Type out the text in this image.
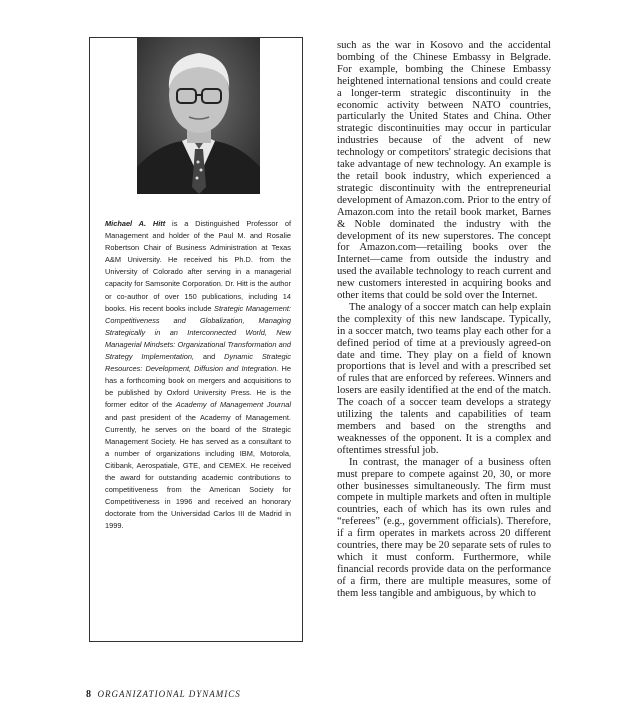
Michael A. Hitt is a Distinguished Professor of Management and holder of the Paul M. and Rosalie Robertson Chair of Business Administration at Texas A&M University. He received his Ph.D. from the University of Colorado after serving in a managerial capacity for Samsonite Corporation. Dr. Hitt is the author or co-author of over 150 publications, including 14 books. His recent books include Strategic Management: Competitiveness and Globalization, Managing Strategically in an Interconnected World, New Managerial Mindsets: Organizational Transformation and Strategy Implementation, and Dynamic Strategic Resources: Development, Diffusion and Integration. He has a forthcoming book on mergers and acquisitions to be published by Oxford University Press. He is the former editor of the Academy of Management Journal and past president of the Academy of Management. Currently, he serves on the board of the Strategic Management Society. He has served as a consultant to a number of organizations including IBM, Motorola, Citibank, Aerospatiale, GTE, and CEMEX. He received the award for outstanding academic contributions to competitiveness from the American Society for Competitiveness in 1996 and received an honorary doctorate from the Universidad Carlos III de Madrid in 1999.

such as the war in Kosovo and the accidental bombing of the Chinese Embassy in Belgrade. For example, bombing the Chinese Embassy heightened international tensions and could create a longer-term strategic discontinuity in the economic activity between NATO countries, particularly the United States and China. Other strategic discontinuities may occur in particular industries because of the advent of new technology or competitors' strategic decisions that take advantage of new technology. An example is the retail book industry, which experienced a strategic discontinuity with the entrepreneurial development of Amazon.com. Prior to the entry of Amazon.com into the retail book market, Barnes & Noble dominated the industry with the development of its new superstores. The concept for Amazon.com—retailing books over the Internet—came from outside the industry and used the available technology to reach current and new customers interested in acquiring books and other items that could be sold over the Internet.

The analogy of a soccer match can help explain the complexity of this new landscape. Typically, in a soccer match, two teams play each other for a defined period of time at a previously agreed-on date and time. They play on a field of known proportions that is level and with a prescribed set of rules that are enforced by referees. Winners and losers are easily identified at the end of the match. The coach of a soccer team develops a strategy utilizing the talents and capabilities of team members and based on the strengths and weaknesses of the opponent. It is a complex and oftentimes stressful job.

In contrast, the manager of a business often must prepare to compete against 20, 30, or more other businesses simultaneously. The firm must compete in multiple markets and often in multiple countries, each of which has its own rules and “referees” (e.g., government officials). Therefore, if a firm operates in markets across 20 different countries, there may be 20 separate sets of rules to which it must conform. Furthermore, while financial records provide data on the performance of a firm, there are multiple measures, some of them less tangible and ambiguous, by which to

8 ORGANIZATIONAL DYNAMICS
